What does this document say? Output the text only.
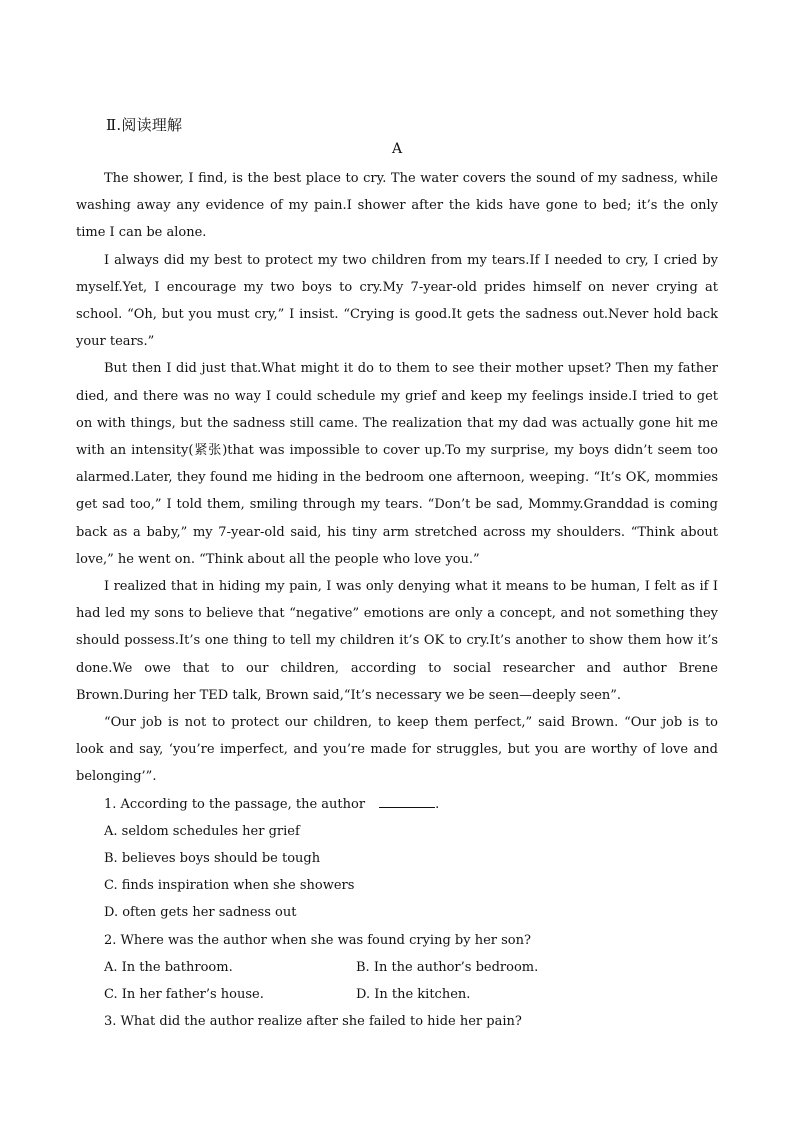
Ⅱ.阅读理解
A

The shower, I find, is the best place to cry. The water covers the sound of my sadness, while washing away any evidence of my pain.I shower after the kids have gone to bed; it’s the only time I can be alone.

I always did my best to protect my two children from my tears.If I needed to cry, I cried by myself.Yet, I encourage my two boys to cry.My 7-year-old prides himself on never crying at school. “Oh, but you must cry,” I insist. “Crying is good.It gets the sadness out.Never hold back your tears.”

But then I did just that.What might it do to them to see their mother upset? Then my father died, and there was no way I could schedule my grief and keep my feelings inside.I tried to get on with things, but the sadness still came. The realization that my dad was actually gone hit me with an intensity(紧张)that was impossible to cover up.To my surprise, my boys didn’t seem too alarmed.Later, they found me hiding in the bedroom one afternoon, weeping. “It’s OK, mommies get sad too,” I told them, smiling through my tears. “Don’t be sad, Mommy.Granddad is coming back as a baby,” my 7-year-old said, his tiny arm stretched across my shoulders. “Think about love,” he went on. “Think about all the people who love you.”

I realized that in hiding my pain, I was only denying what it means to be human, I felt as if I had led my sons to believe that “negative” emotions are only a concept, and not something they should possess.It’s one thing to tell my children it’s OK to cry.It’s another to show them how it’s done.We owe that to our children, according to social researcher and author Brene Brown.During her TED talk, Brown said,“It’s necessary we be seen—deeply seen”.

“Our job is not to protect our children, to keep them perfect,” said Brown. “Our job is to look and say, ‘you’re imperfect, and you’re made for struggles, but you are worthy of love and belonging’”.

1. According to the passage, the author	.
A. seldom schedules her grief
B. believes boys should be tough
C. finds inspiration when she showers
D. often gets her sadness out
2. Where was the author when she was found crying by her son?
A. In the bathroom.	B. In the author’s bedroom.
C. In her father’s house.	D. In the kitchen.
3. What did the author realize after she failed to hide her pain?
